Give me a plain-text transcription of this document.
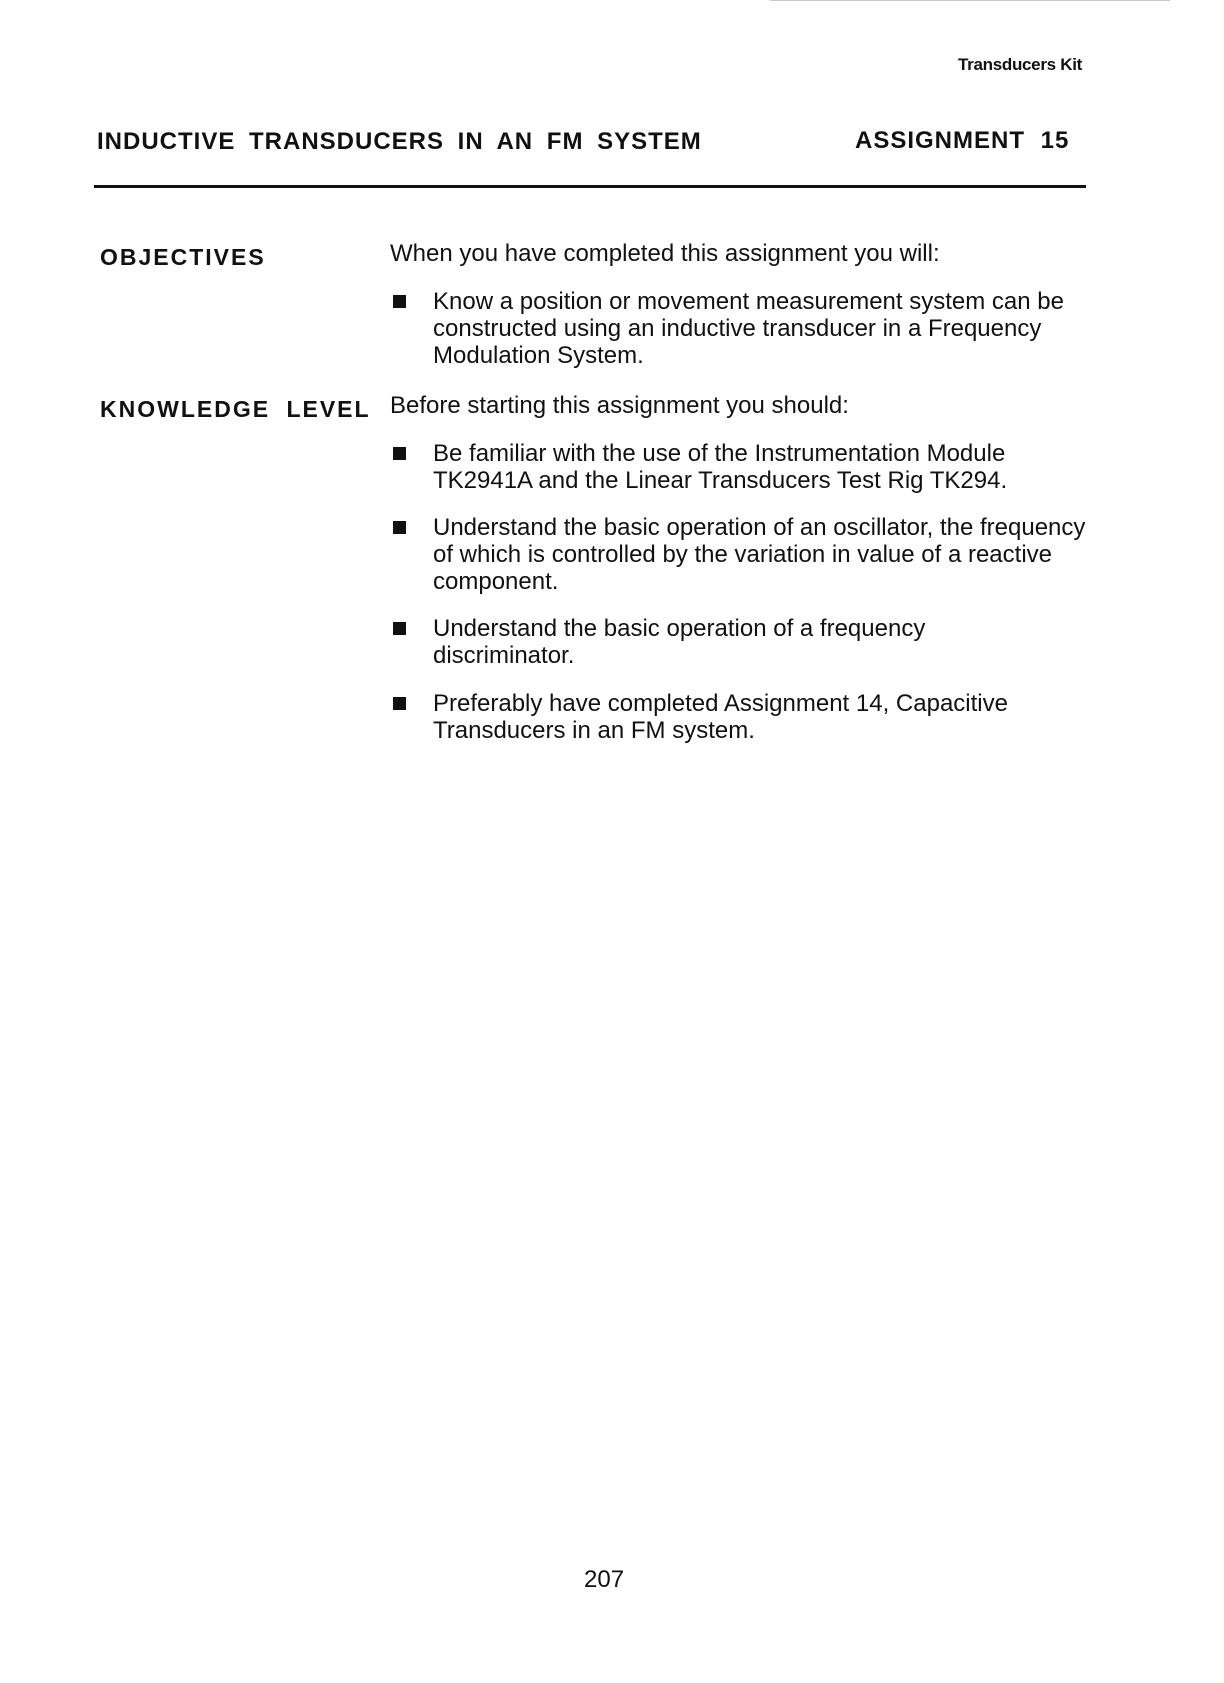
Transducers Kit
INDUCTIVE TRANSDUCERS IN AN FM SYSTEM	ASSIGNMENT 15
OBJECTIVES	When you have completed this assignment you will:
Know a position or movement measurement system can be constructed using an inductive transducer in a Frequency Modulation System.
KNOWLEDGE LEVEL Before starting this assignment you should:
Be familiar with the use of the Instrumentation Module TK2941A and the Linear Transducers Test Rig TK294.
Understand the basic operation of an oscillator, the frequency of which is controlled by the variation in value of a reactive component.
Understand the basic operation of a frequency discriminator.
Preferably have completed Assignment 14, Capacitive Transducers in an FM system.
207
